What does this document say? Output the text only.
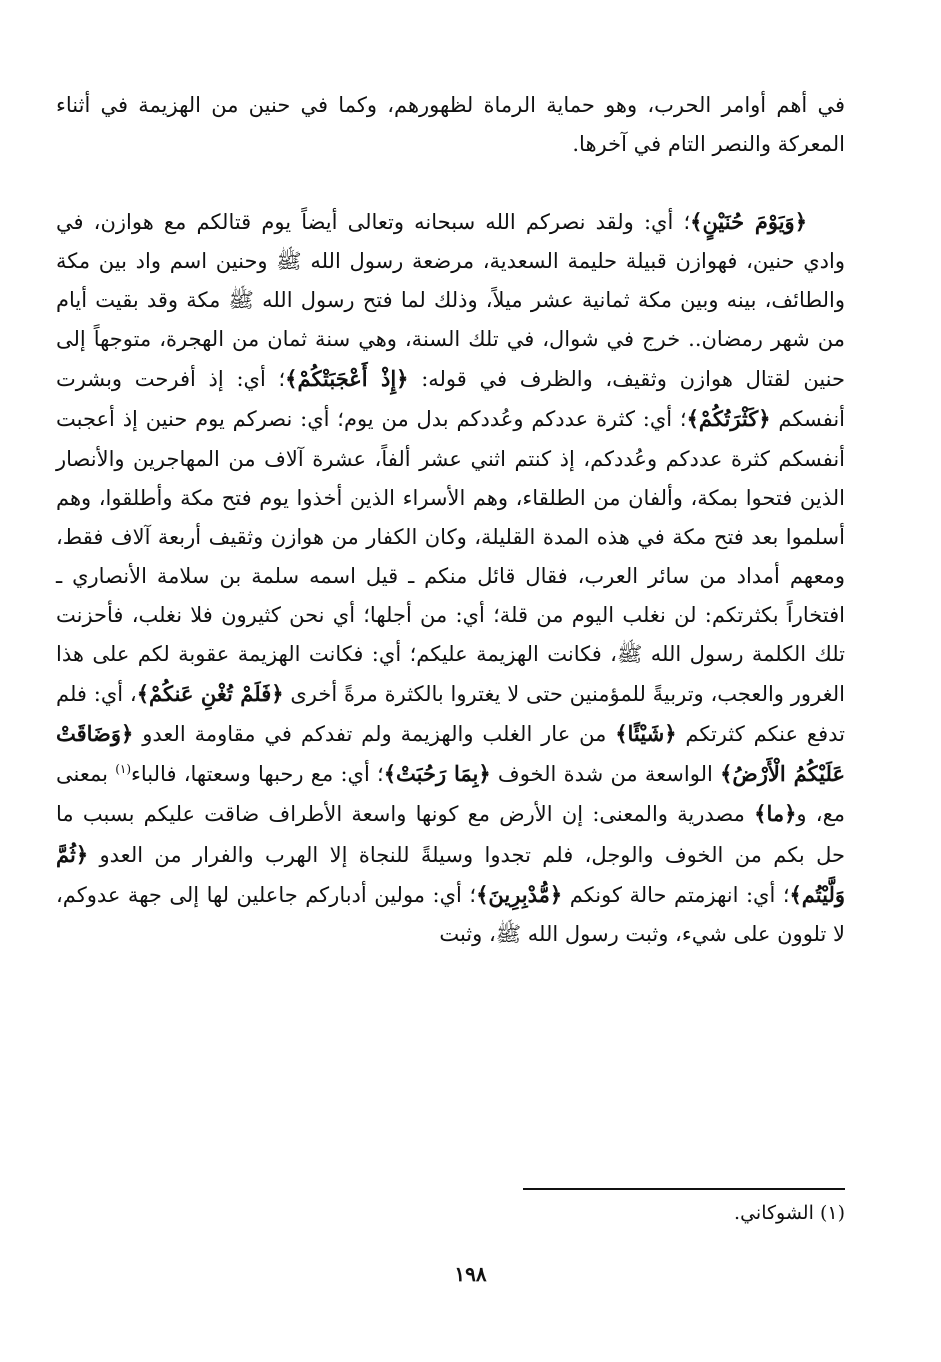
في أهم أوامر الحرب، وهو حماية الرماة لظهورهم، وكما في حنين من الهزيمة في أثناء المعركة والنصر التام في آخرها.

﴿وَيَوْمَ حُنَيْنٍ﴾؛ أي: ولقد نصركم الله سبحانه وتعالى أيضاً يوم قتالكم مع هوازن، في وادي حنين، فهوازن قبيلة حليمة السعدية، مرضعة رسول الله ﷺ وحنين اسم واد بين مكة والطائف، بينه وبين مكة ثمانية عشر ميلاً، وذلك لما فتح رسول الله ﷺ مكة وقد بقيت أيام من شهر رمضان.. خرج في شوال، في تلك السنة، وهي سنة ثمان من الهجرة، متوجهاً إلى حنين لقتال هوازن وثقيف، والظرف في قوله: ﴿إِذْ أَعْجَبَتْكُمْ﴾؛ أي: إذ أفرحت وبشرت أنفسكم ﴿كَثْرَتُكُمْ﴾؛ أي: كثرة عددكم وعُددكم بدل من يوم؛ أي: نصركم يوم حنين إذ أعجبت أنفسكم كثرة عددكم وعُددكم، إذ كنتم اثني عشر ألفاً، عشرة آلاف من المهاجرين والأنصار الذين فتحوا بمكة، وألفان من الطلقاء، وهم الأسراء الذين أخذوا يوم فتح مكة وأطلقوا، وهم أسلموا بعد فتح مكة في هذه المدة القليلة، وكان الكفار من هوازن وثقيف أربعة آلاف فقط، ومعهم أمداد من سائر العرب، فقال قائل منكم ـ قيل اسمه سلمة بن سلامة الأنصاري ـ افتخاراً بكثرتكم: لن نغلب اليوم من قلة؛ أي: من أجلها؛ أي نحن كثيرون فلا نغلب، فأحزنت تلك الكلمة رسول الله ﷺ، فكانت الهزيمة عليكم؛ أي: فكانت الهزيمة عقوبة لكم على هذا الغرور والعجب، وتربيةً للمؤمنين حتى لا يغتروا بالكثرة مرةً أخرى ﴿فَلَمْ تُغْنِ عَنكُمْ﴾، أي: فلم تدفع عنكم كثرتكم ﴿شَيْئًا﴾ من عار الغلب والهزيمة ولم تفدكم في مقاومة العدو ﴿وَضَاقَتْ عَلَيْكُمُ الْأَرْضُ﴾ الواسعة من شدة الخوف ﴿بِمَا رَحُبَتْ﴾؛ أي: مع رحبها وسعتها، فالباء$^{(١)}$ بمعنى مع، و﴿ما﴾ مصدرية والمعنى: إن الأرض مع كونها واسعة الأطراف ضاقت عليكم بسبب ما حل بكم من الخوف والوجل، فلم تجدوا وسيلةً للنجاة إلا الهرب والفرار من العدو ﴿ثُمَّ وَلَّيْتُم﴾؛ أي: انهزمتم حالة كونكم ﴿مُّدْبِرِينَ﴾؛ أي: مولين أدباركم جاعلين لها إلى جهة عدوكم، لا تلوون على شيء، وثبت رسول الله ﷺ، وثبت

(١) الشوكاني.

١٩٨
